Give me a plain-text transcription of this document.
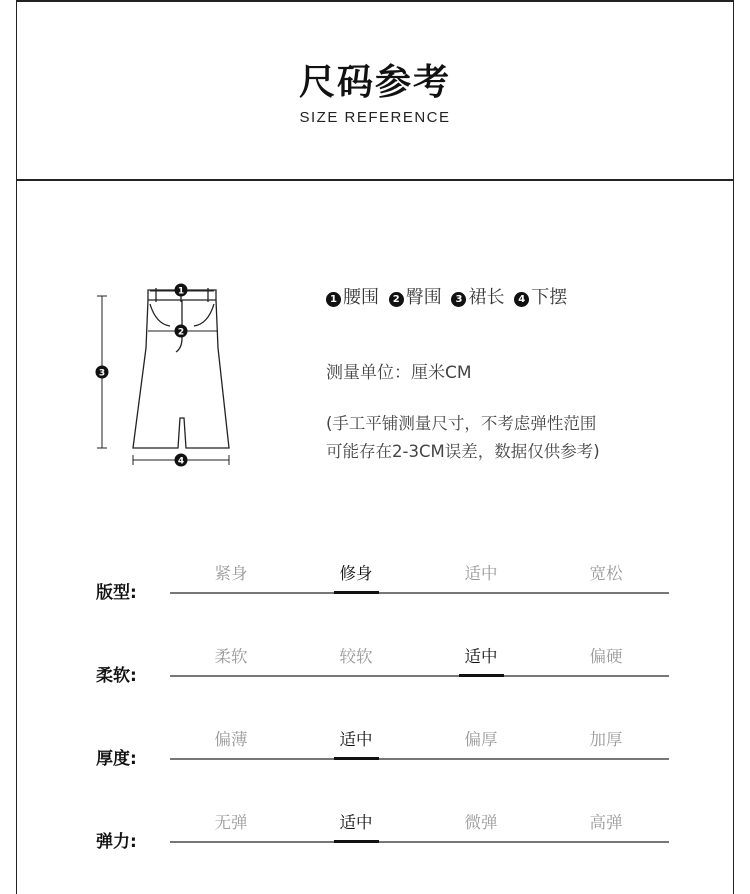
尺码参考
SIZE REFERENCE
1
2
3
4
1 腰围 2 臀围 3 裙长 4 下摆
测量单位：厘米CM
(手工平铺测量尺寸，不考虑弹性范围
可能存在2-3CM误差，数据仅供参考)
版型:
紧身	修身	适中	宽松
柔软:
柔软	较软	适中	偏硬
厚度:
偏薄	适中	偏厚	加厚
弹力:
无弹	适中	微弹	高弹
